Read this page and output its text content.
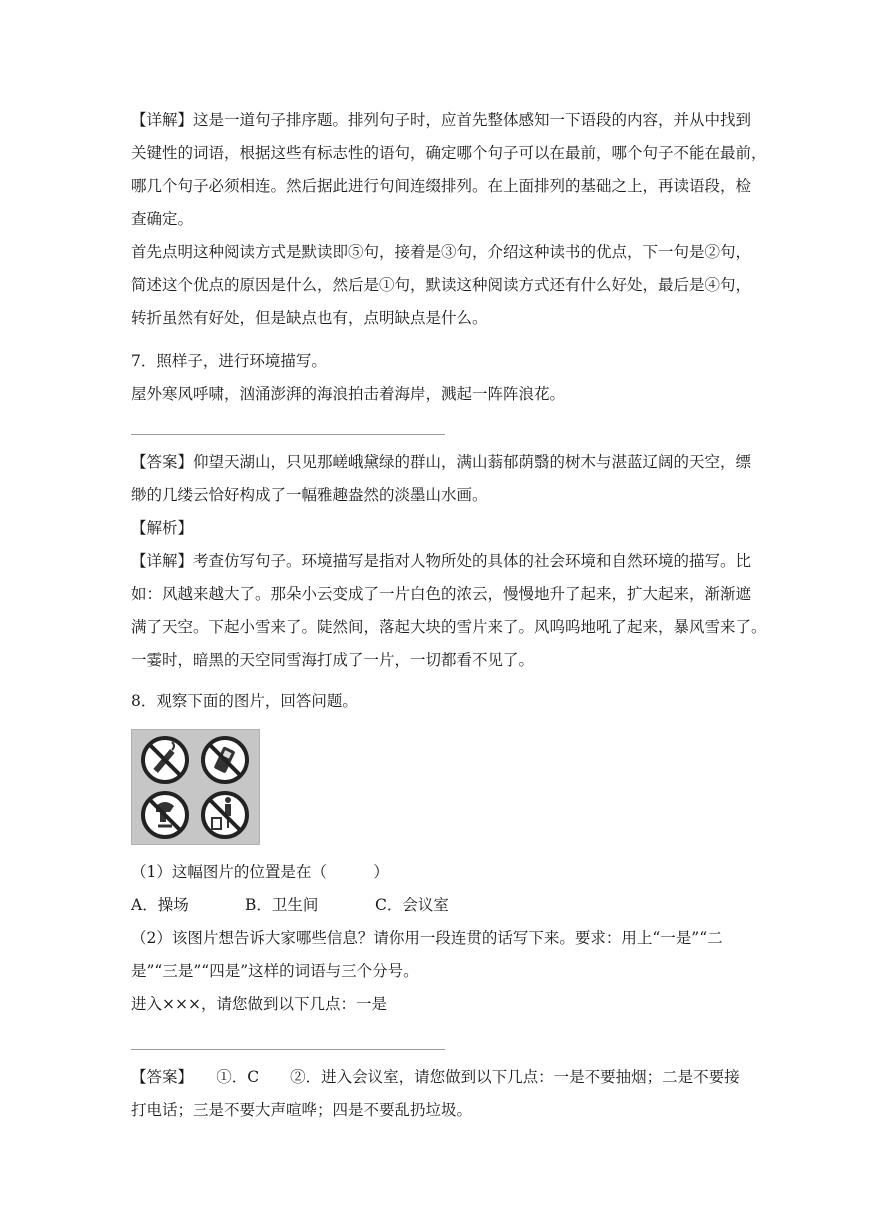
【详解】这是一道句子排序题。排列句子时，应首先整体感知一下语段的内容，并从中找到
关键性的词语，根据这些有标志性的语句，确定哪个句子可以在最前，哪个句子不能在最前，
哪几个句子必须相连。然后据此进行句间连缀排列。在上面排列的基础之上，再读语段，检
查确定。
首先点明这种阅读方式是默读即⑤句，接着是③句，介绍这种读书的优点，下一句是②句，
简述这个优点的原因是什么，然后是①句，默读这种阅读方式还有什么好处，最后是④句，
转折虽然有好处，但是缺点也有，点明缺点是什么。
7．照样子，进行环境描写。
屋外寒风呼啸，汹涌澎湃的海浪拍击着海岸，溅起一阵阵浪花。
【答案】仰望天湖山，只见那嵯峨黛绿的群山，满山蓊郁荫翳的树木与湛蓝辽阔的天空，缥
缈的几缕云恰好构成了一幅雅趣盎然的淡墨山水画。
【解析】
【详解】考查仿写句子。环境描写是指对人物所处的具体的社会环境和自然环境的描写。比
如：风越来越大了。那朵小云变成了一片白色的浓云，慢慢地升了起来，扩大起来，渐渐遮
满了天空。下起小雪来了。陡然间，落起大块的雪片来了。风呜呜地吼了起来，暴风雪来了。
一霎时，暗黑的天空同雪海打成了一片，一切都看不见了。
8．观察下面的图片，回答问题。
（1）这幅图片的位置是在（　　　）
A．操场	B．卫生间	C．会议室
（2）该图片想告诉大家哪些信息？请你用一段连贯的话写下来。要求：用上“一是”“二
是”“三是”“四是”这样的词语与三个分号。
进入×××，请您做到以下几点：一是
【答案】　　①．C　　②．进入会议室，请您做到以下几点：一是不要抽烟；二是不要接
打电话；三是不要大声喧哗；四是不要乱扔垃圾。
